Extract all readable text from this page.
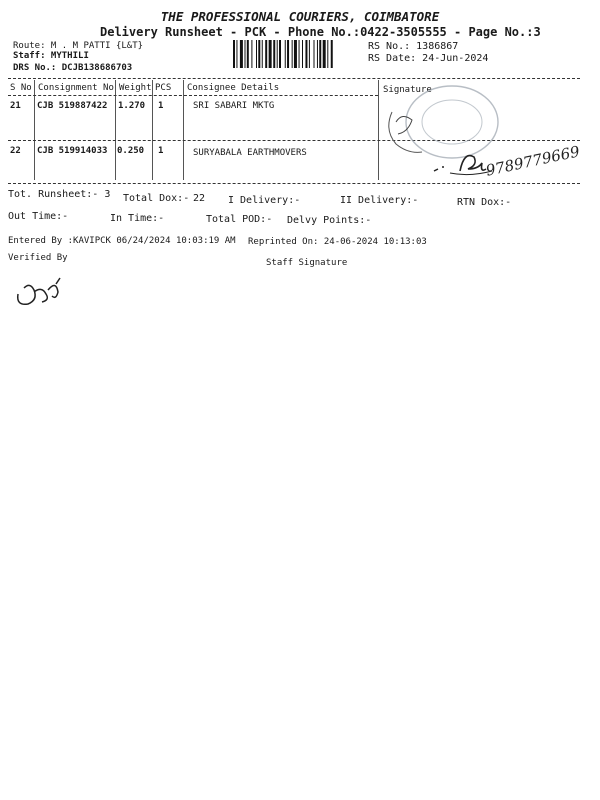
THE PROFESSIONAL COURIERS, COIMBATORE
Delivery Runsheet - PCK - Phone No.:0422-3505555 - Page No.:3
Route: M . M PATTI {L&T}
Staff: MYTHILI
DRS No.: DCJB138686703
RS No.: 1386867
RS Date: 24-Jun-2024
S No Consignment No Weight PCS Consignee Details	Signature
21 CJB 519887422 1.270 1	SRI SABARI MKTG
22 CJB 519914033 0.250 1	SURYABALA EARTHMOVERS	9789779669
Tot. Runsheet:- 3 Total Dox:- 22 I Delivery:-	II Delivery:-	RTN Dox:-
Out Time:-	In Time:-	Total POD:- Delvy Points:-
Entered By :KAVIPCK 06/24/2024 10:03:19 AM Reprinted On: 24-06-2024 10:13:03
Verified By	Staff Signature
